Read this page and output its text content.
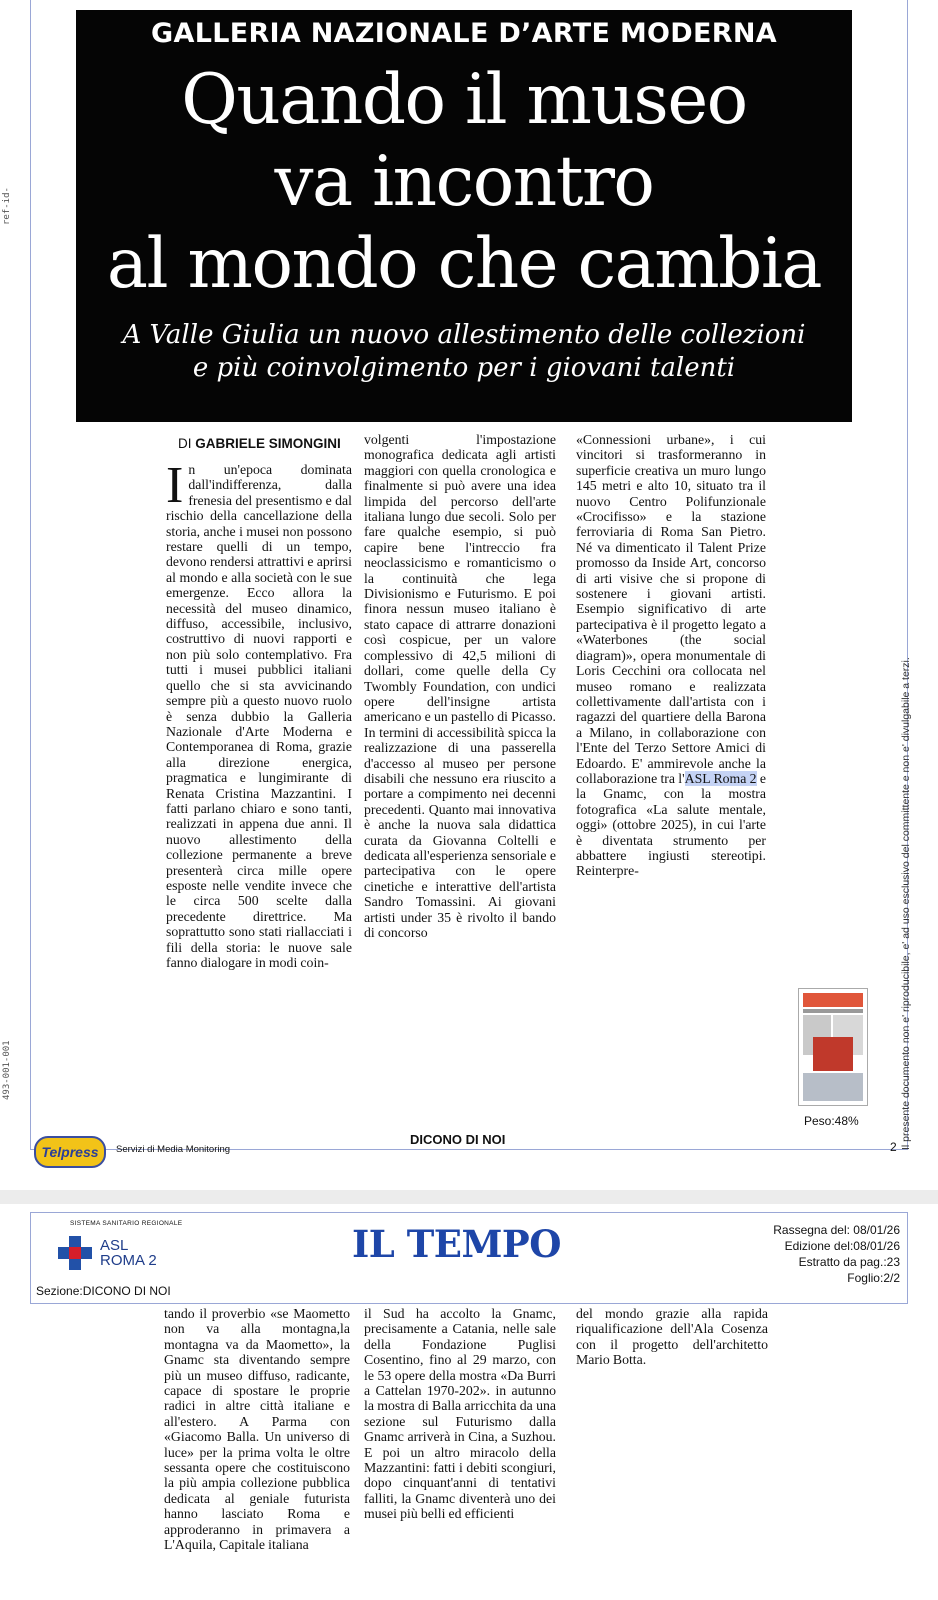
ref-id-
493-001-001	Il presente documento non e' riproducibile, e' ad uso esclusivo del committente e non e' divulgabile a terzi.
GALLERIA NAZIONALE D’ARTE MODERNA
Quando il museo
va incontro
al mondo che cambia
A Valle Giulia un nuovo allestimento delle collezioni
e più coinvolgimento per i giovani talenti
DI GABRIELE SIMONGINI
In un'epoca dominata dall'indifferenza, dalla frenesia del presentismo e dal rischio della cancellazione della storia, anche i musei non possono restare quelli di un tempo, devono rendersi attrattivi e aprirsi al mondo e alla società con le sue emergenze. Ecco allora la necessità del museo dinamico, diffuso, accessibile, inclusivo, costruttivo di nuovi rapporti e non più solo contemplativo. Fra tutti i musei pubblici italiani quello che si sta avvicinando sempre più a questo nuovo ruolo è senza dubbio la Galleria Nazionale d'Arte Moderna e Contemporanea di Roma, grazie alla direzione energica, pragmatica e lungimirante di Renata Cristina Mazzantini. I fatti parlano chiaro e sono tanti, realizzati in appena due anni. Il nuovo allestimento della collezione permanente a breve presenterà circa mille opere esposte nelle vendite invece che le circa 500 scelte dalla precedente direttrice. Ma soprattutto sono stati riallacciati i fili della storia: le nuove sale fanno dialogare in modi coin-
volgenti l'impostazione monografica dedicata agli artisti maggiori con quella cronologica e finalmente si può avere una idea limpida del percorso dell'arte italiana lungo due secoli. Solo per fare qualche esempio, si può capire bene l'intreccio fra neoclassicismo e romanticismo o la continuità che lega Divisionismo e Futurismo. E poi finora nessun museo italiano è stato capace di attrarre donazioni così cospicue, per un valore complessivo di 42,5 milioni di dollari, come quelle della Cy Twombly Foundation, con undici opere dell'insigne artista americano e un pastello di Picasso. In termini di accessibilità spicca la realizzazione di una passerella d'accesso al museo per persone disabili che nessuno era riuscito a portare a compimento nei decenni precedenti. Quanto mai innovativa è anche la nuova sala didattica curata da Giovanna Coltelli e dedicata all'esperienza sensoriale e partecipativa con le opere cinetiche e interattive dell'artista Sandro Tomassini. Ai giovani artisti under 35 è rivolto il bando di concorso
«Connessioni urbane», i cui vincitori si trasformeranno in superficie creativa un muro lungo 145 metri e alto 10, situato tra il nuovo Centro Polifunzionale «Crocifisso» e la stazione ferroviaria di Roma San Pietro. Né va dimenticato il Talent Prize promosso da Inside Art, concorso di arti visive che si propone di sostenere i giovani artisti. Esempio significativo di arte partecipativa è il progetto legato a «Waterbones (the social diagram)», opera monumentale di Loris Cecchini ora collocata nel museo romano e realizzata collettivamente dall'artista con i ragazzi del quartiere della Barona a Milano, in collaborazione con l'Ente del Terzo Settore Amici di Edoardo. E' ammirevole anche la collaborazione tra l'ASL Roma 2 e la Gnamc, con la mostra fotografica «La salute mentale, oggi» (ottobre 2025), in cui l'arte è diventata strumento per abbattere ingiusti stereotipi. Reinterpre-
Peso:48%
Telpress	Servizi di Media Monitoring
DICONO DI NOI	2
SISTEMA SANITARIO REGIONALE
ASL
ROMA 2	IL TEMPO	Rassegna del: 08/01/26
Edizione del:08/01/26
Estratto da pag.:23
Foglio:2/2
Sezione:DICONO DI NOI
tando il proverbio «se Maometto non va alla montagna,la montagna va da Maometto», la Gnamc sta diventando sempre più un museo diffuso, radicante, capace di spostare le proprie radici in altre città italiane e all'estero. A Parma con «Giacomo Balla. Un universo di luce» per la prima volta le oltre sessanta opere che costituiscono la più ampia collezione pubblica dedicata al geniale futurista hanno lasciato Roma e approderanno in primavera a L'Aquila, Capitale italiana
il Sud ha accolto la Gnamc, precisamente a Catania, nelle sale della Fondazione Puglisi Cosentino, fino al 29 marzo, con le 53 opere della mostra «Da Burri a Cattelan 1970-202». in autunno la mostra di Balla arricchita da una sezione sul Futurismo dalla Gnamc arriverà in Cina, a Suzhou. E poi un altro miracolo della Mazzantini: fatti i debiti scongiuri, dopo cinquant'anni di tentativi falliti, la Gnamc diventerà uno dei musei più belli ed efficienti
del mondo grazie alla rapida riqualificazione dell'Ala Cosenza con il progetto dell'architetto Mario Botta.
